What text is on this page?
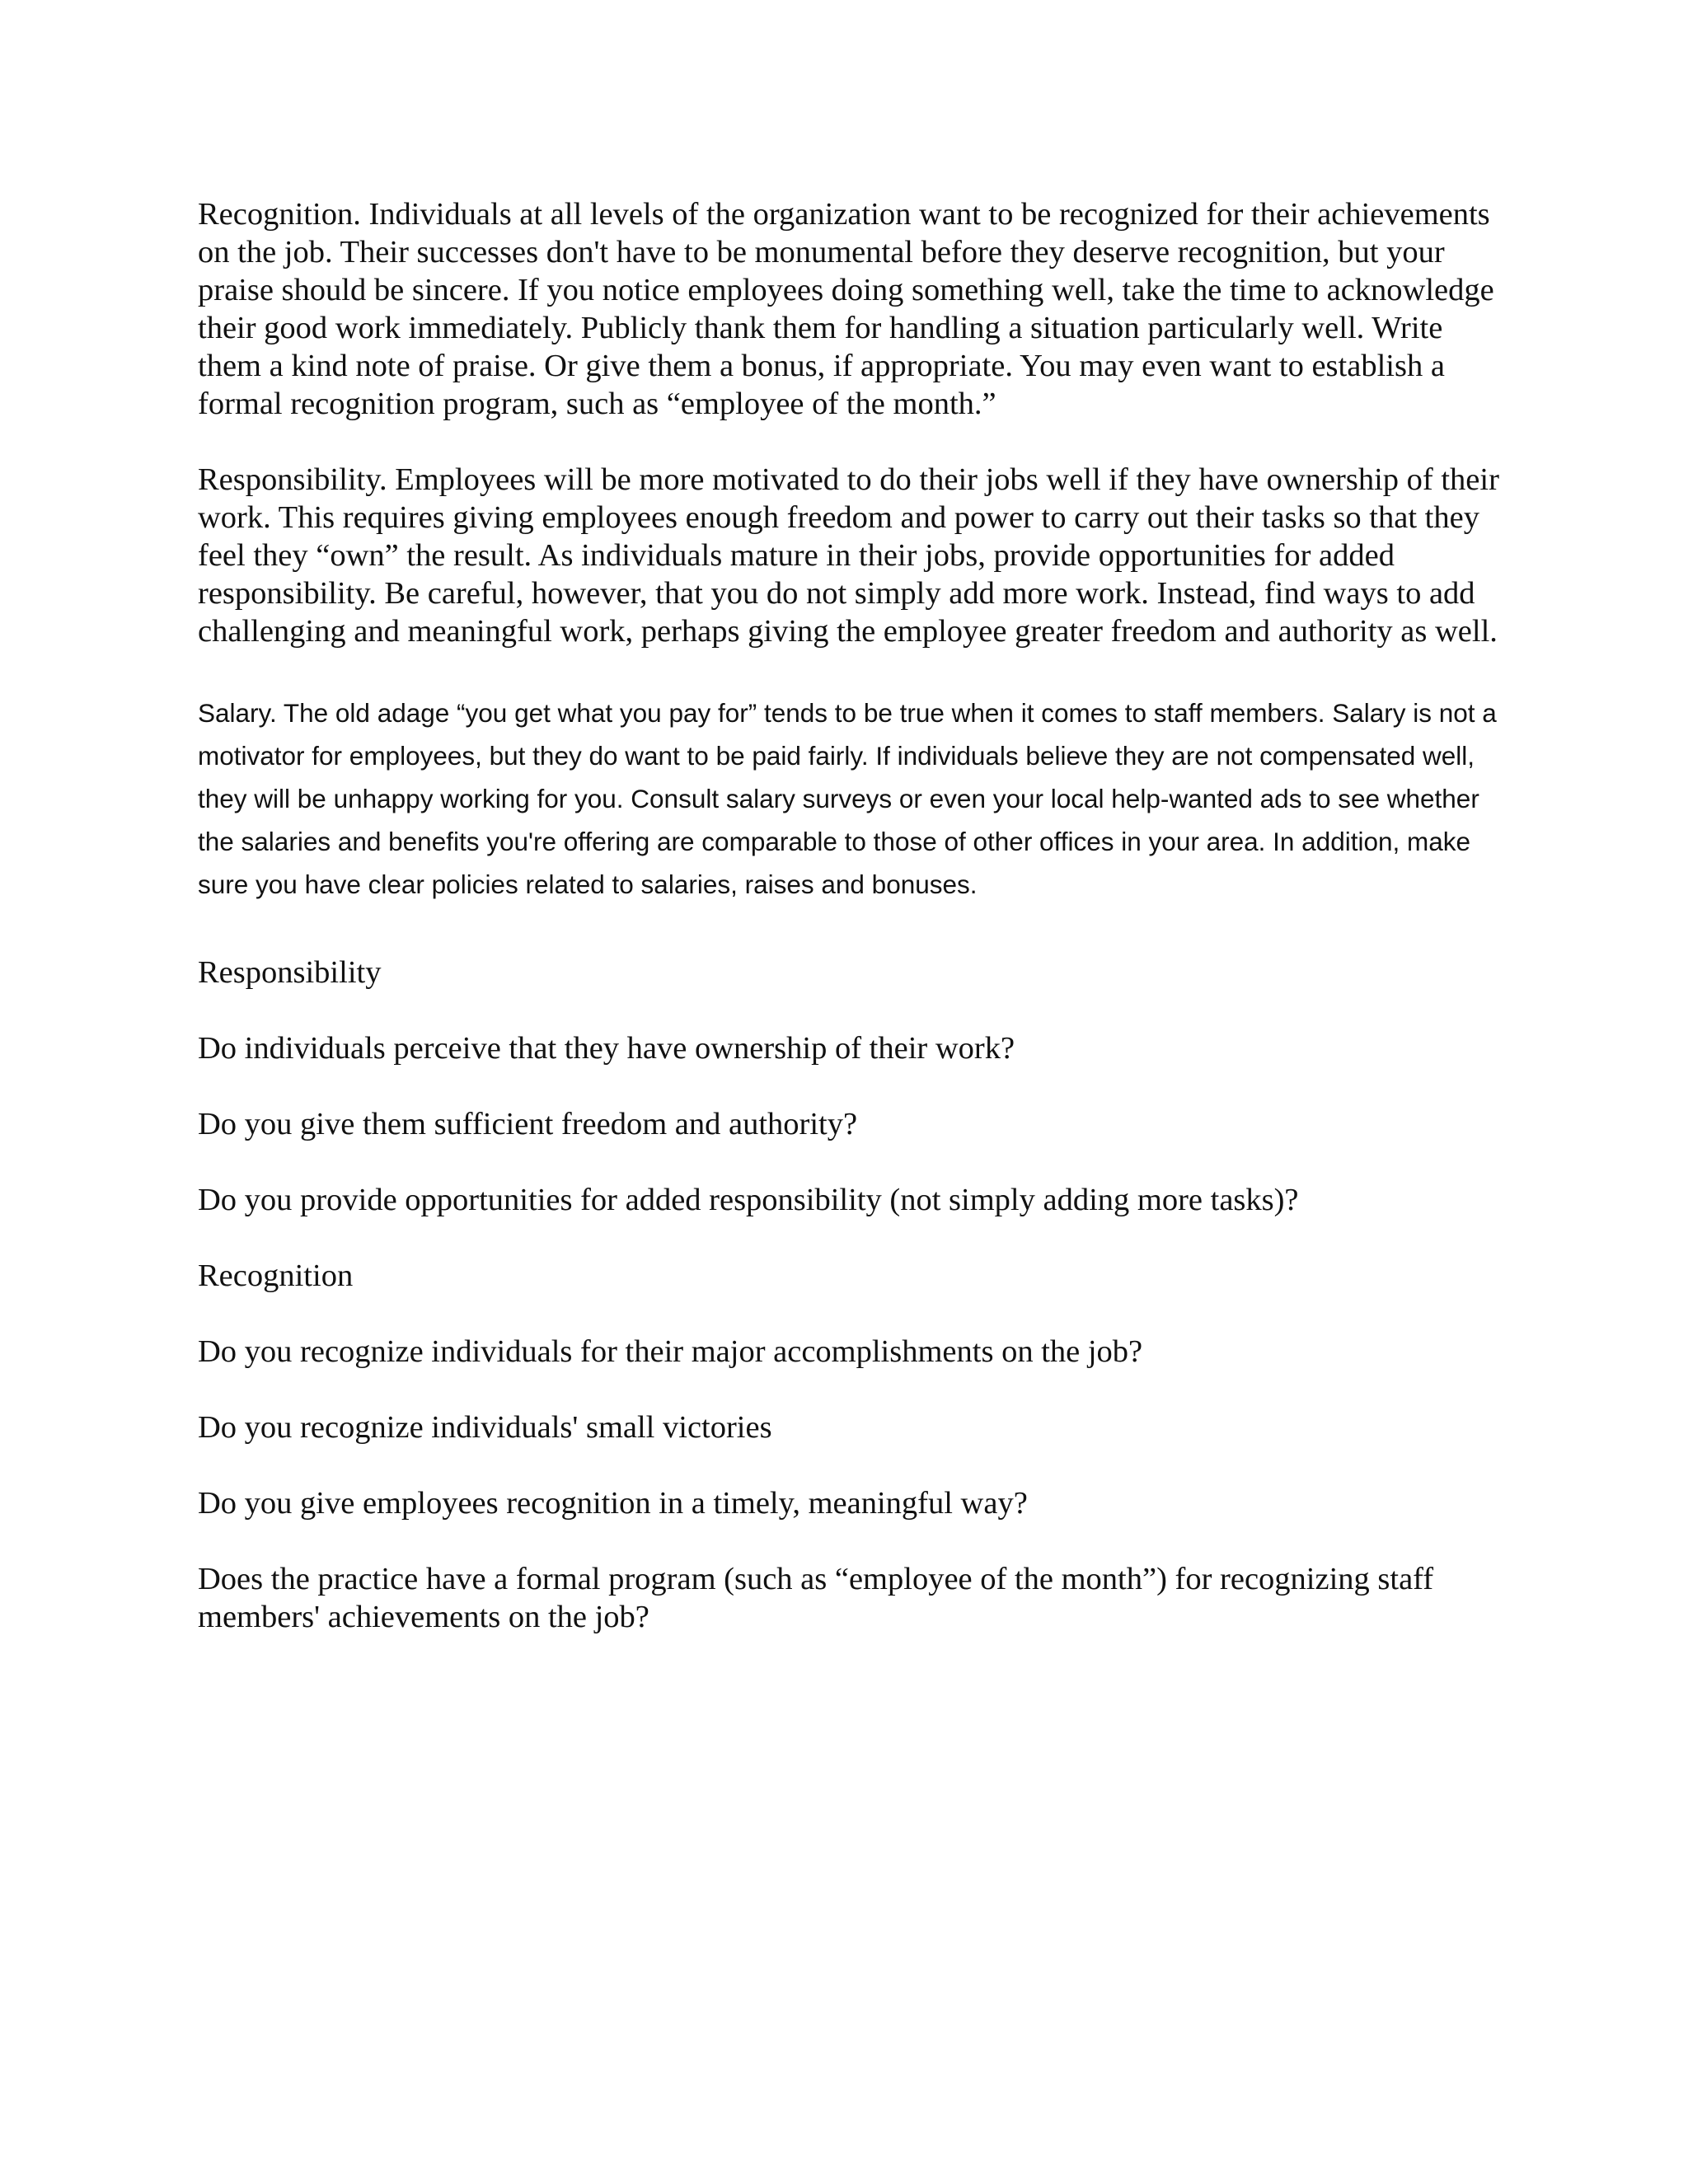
Recognition. Individuals at all levels of the organization want to be recognized for their achievements on the job. Their successes don't have to be monumental before they deserve recognition, but your praise should be sincere. If you notice employees doing something well, take the time to acknowledge their good work immediately. Publicly thank them for handling a situation particularly well. Write them a kind note of praise. Or give them a bonus, if appropriate. You may even want to establish a formal recognition program, such as “employee of the month.”

Responsibility. Employees will be more motivated to do their jobs well if they have ownership of their work. This requires giving employees enough freedom and power to carry out their tasks so that they feel they “own” the result. As individuals mature in their jobs, provide opportunities for added responsibility. Be careful, however, that you do not simply add more work. Instead, find ways to add challenging and meaningful work, perhaps giving the employee greater freedom and authority as well.

Salary. The old adage “you get what you pay for” tends to be true when it comes to staff members. Salary is not a motivator for employees, but they do want to be paid fairly. If individuals believe they are not compensated well, they will be unhappy working for you. Consult salary surveys or even your local help-wanted ads to see whether the salaries and benefits you're offering are comparable to those of other offices in your area. In addition, make sure you have clear policies related to salaries, raises and bonuses.

Responsibility

Do individuals perceive that they have ownership of their work?

Do you give them sufficient freedom and authority?

Do you provide opportunities for added responsibility (not simply adding more tasks)?

Recognition

Do you recognize individuals for their major accomplishments on the job?

Do you recognize individuals' small victories

Do you give employees recognition in a timely, meaningful way?

Does the practice have a formal program (such as “employee of the month”) for recognizing staff members' achievements on the job?
